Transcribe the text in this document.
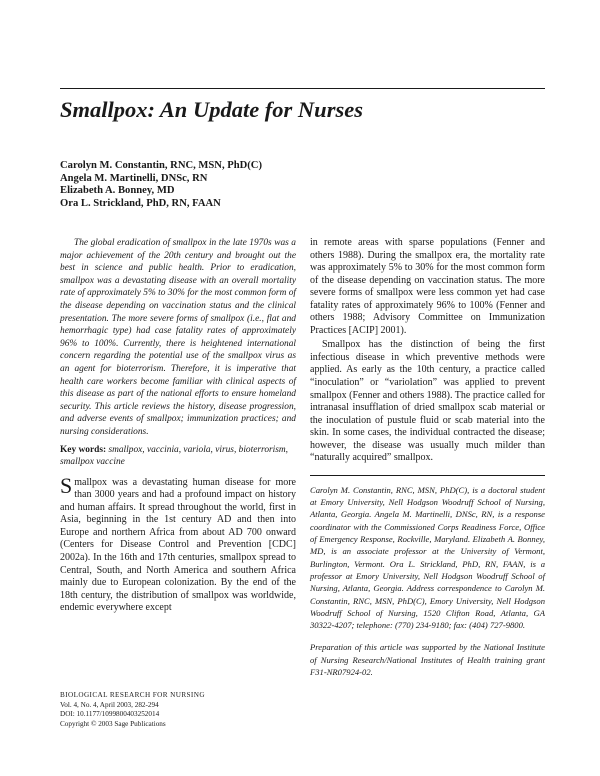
Smallpox: An Update for Nurses
Carolyn M. Constantin, RNC, MSN, PhD(C)
Angela M. Martinelli, DNSc, RN
Elizabeth A. Bonney, MD
Ora L. Strickland, PhD, RN, FAAN

The global eradication of smallpox in the late 1970s was a major achievement of the 20th century and brought out the best in science and public health. Prior to eradication, smallpox was a devastating disease with an overall mortality rate of approximately 5% to 30% for the most common form of the disease depending on vaccination status and the clinical presentation. The more severe forms of smallpox (i.e., flat and hemorrhagic type) had case fatality rates of approximately 96% to 100%. Currently, there is heightened international concern regarding the potential use of the smallpox virus as an agent for bioterrorism. Therefore, it is imperative that health care workers become familiar with clinical aspects of this disease as part of the national efforts to ensure homeland security. This article reviews the history, disease progression, and adverse events of smallpox; immunization practices; and nursing considerations.

Key words: smallpox, vaccinia, variola, virus, bioterrorism, smallpox vaccine

Smallpox was a devastating human disease for more than 3000 years and had a profound impact on history and human affairs. It spread throughout the world, first in Asia, beginning in the 1st century AD and then into Europe and northern Africa from about AD 700 onward (Centers for Disease Control and Prevention [CDC] 2002a). In the 16th and 17th centuries, smallpox spread to Central, South, and North America and southern Africa mainly due to European colonization. By the end of the 18th century, the distribution of smallpox was worldwide, endemic everywhere except

in remote areas with sparse populations (Fenner and others 1988). During the smallpox era, the mortality rate was approximately 5% to 30% for the most common form of the disease depending on vaccination status. The more severe forms of smallpox were less common yet had case fatality rates of approximately 96% to 100% (Fenner and others 1988; Advisory Committee on Immunization Practices [ACIP] 2001).

Smallpox has the distinction of being the first infectious disease in which preventive methods were applied. As early as the 10th century, a practice called “inoculation” or “variolation” was applied to prevent smallpox (Fenner and others 1988). The practice called for intranasal insufflation of dried smallpox scab material or the inoculation of pustule fluid or scab material into the skin. In some cases, the individual contracted the disease; however, the disease was usually much milder than “naturally acquired” smallpox.

Carolyn M. Constantin, RNC, MSN, PhD(C), is a doctoral student at Emory University, Nell Hodgson Woodruff School of Nursing, Atlanta, Georgia. Angela M. Martinelli, DNSc, RN, is a response coordinator with the Commissioned Corps Readiness Force, Office of Emergency Response, Rockville, Maryland. Elizabeth A. Bonney, MD, is an associate professor at the University of Vermont, Burlington, Vermont. Ora L. Strickland, PhD, RN, FAAN, is a professor at Emory University, Nell Hodgson Woodruff School of Nursing, Atlanta, Georgia. Address correspondence to Carolyn M. Constantin, RNC, MSN, PhD(C), Emory University, Nell Hodgson Woodruff School of Nursing, 1520 Clifton Road, Atlanta, GA 30322-4207; telephone: (770) 234-9180; fax: (404) 727-9800.

Preparation of this article was supported by the National Institute of Nursing Research/National Institutes of Health training grant F31-NR07924-02.

BIOLOGICAL RESEARCH FOR NURSING
Vol. 4, No. 4, April 2003, 282-294
DOI: 10.1177/1099800403252014
Copyright © 2003 Sage Publications
